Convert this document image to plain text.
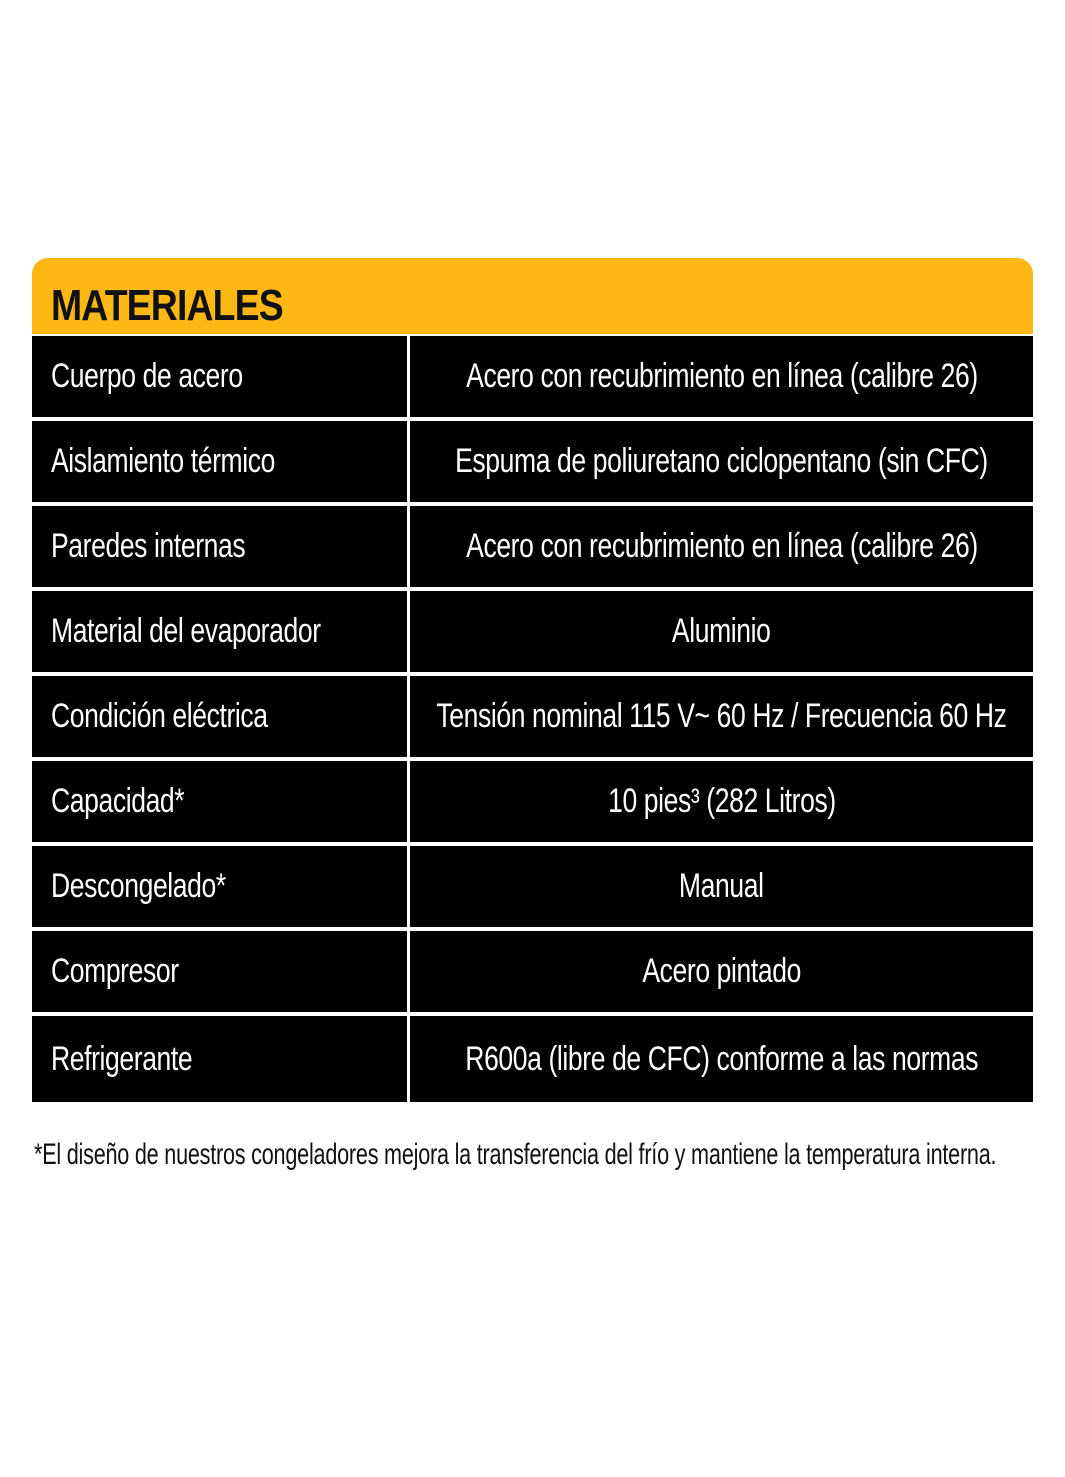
MATERIALES
Cuerpo de acero	Acero con recubrimiento en línea (calibre 26)
Aislamiento térmico	Espuma de poliuretano ciclopentano (sin CFC)
Paredes internas	Acero con recubrimiento en línea (calibre 26)
Material del evaporador	Aluminio
Condición eléctrica	Tensión nominal 115 V~ 60 Hz / Frecuencia 60 Hz
Capacidad*	10 pies³ (282 Litros)
Descongelado*	Manual
Compresor	Acero pintado
Refrigerante	R600a (libre de CFC) conforme a las normas
*El diseño de nuestros congeladores mejora la transferencia del frío y mantiene la temperatura interna.
